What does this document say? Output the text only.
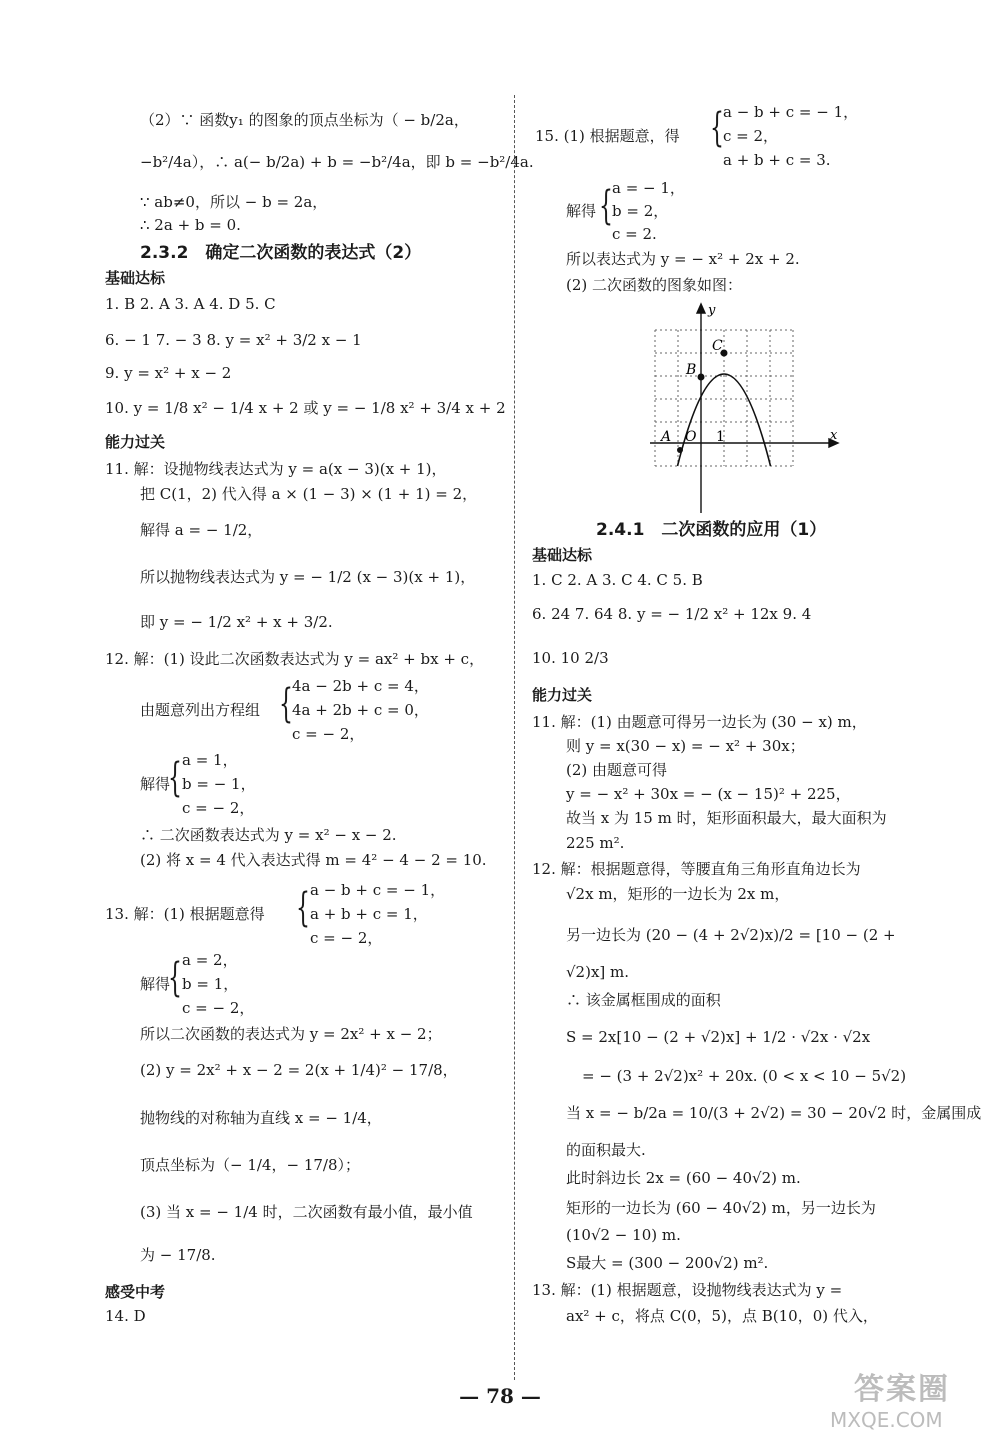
（2）∵ 函数y₁ 的图象的顶点坐标为（ − b/2a，
−b²/4a），∴ a(− b/2a) + b = −b²/4a，即 b = −b²/4a.
∵ ab≠0，所以 − b = 2a，
∴ 2a + b = 0.
2.3.2　确定二次函数的表达式（2）
基础达标
1. B 2. A 3. A 4. D 5. C
6. − 1 7. − 3 8. y = x² + 3/2 x − 1
9. y = x² + x − 2
10. y = 1/8 x² − 1/4 x + 2 或 y = − 1/8 x² + 3/4 x + 2
能力过关
11. 解：设抛物线表达式为 y = a(x − 3)(x + 1)，
把 C(1，2) 代入得 a × (1 − 3) × (1 + 1) = 2，
解得 a = − 1/2，
所以抛物线表达式为 y = − 1/2 (x − 3)(x + 1)，
即 y = − 1/2 x² + x + 3/2.
12. 解：(1) 设此二次函数表达式为 y = ax² + bx + c，
4a − 2b + c = 4，
{
由题意列出方程组 4a + 2b + c = 0，
c = − 2，
{ a = 1，
解得 b = − 1，
c = − 2，
∴ 二次函数表达式为 y = x² − x − 2.
(2) 将 x = 4 代入表达式得 m = 4² − 4 − 2 = 10.
{ a − b + c = − 1，
13. 解：(1) 根据题意得	a + b + c = 1，
c = − 2，
{ a = 2，
解得 b = 1，
c = − 2，
所以二次函数的表达式为 y = 2x² + x − 2；
(2) y = 2x² + x − 2 = 2(x + 1/4)² − 17/8，
抛物线的对称轴为直线 x = − 1/4，
顶点坐标为（− 1/4，− 17/8）；
(3) 当 x = − 1/4 时，二次函数有最小值，最小值
为 − 17/8.
感受中考
14. D
{ a − b + c = − 1，
15. (1) 根据题意，得	c = 2，
a + b + c = 3.
{ a = − 1，
解得 b = 2，
c = 2.
所以表达式为 y = − x² + 2x + 2.
(2) 二次函数的图象如图：
2.4.1　二次函数的应用（1）
基础达标
1. C 2. A 3. C 4. C 5. B
6. 24 7. 64 8. y = − 1/2 x² + 12x 9. 4
10. 10 2/3
能力过关
11. 解：(1) 由题意可得另一边长为 (30 − x) m，
则 y = x(30 − x) = − x² + 30x；
(2) 由题意可得
y = − x² + 30x = − (x − 15)² + 225，
故当 x 为 15 m 时，矩形面积最大，最大面积为
225 m².
12. 解：根据题意得，等腰直角三角形直角边长为
√2x m，矩形的一边长为 2x m，
另一边长为 (20 − (4 + 2√2)x)/2 = [10 − (2 +
√2)x] m.
∴ 该金属框围成的面积
S = 2x[10 − (2 + √2)x] + 1/2 · √2x · √2x
= − (3 + 2√2)x² + 20x. (0 < x < 10 − 5√2)
当 x = − b/2a = 10/(3 + 2√2) = 30 − 20√2 时，金属围成
的面积最大.
此时斜边长 2x = (60 − 40√2) m.
矩形的一边长为 (60 − 40√2) m，另一边长为
(10√2 − 10) m.
S最大 = (300 − 200√2) m².
13. 解：(1) 根据题意，设抛物线表达式为 y =
ax² + c，将点 C(0，5)，点 B(10，0) 代入，
y
x
A O 1
B
C
— 78 —	答案圈
MXQE.COM
